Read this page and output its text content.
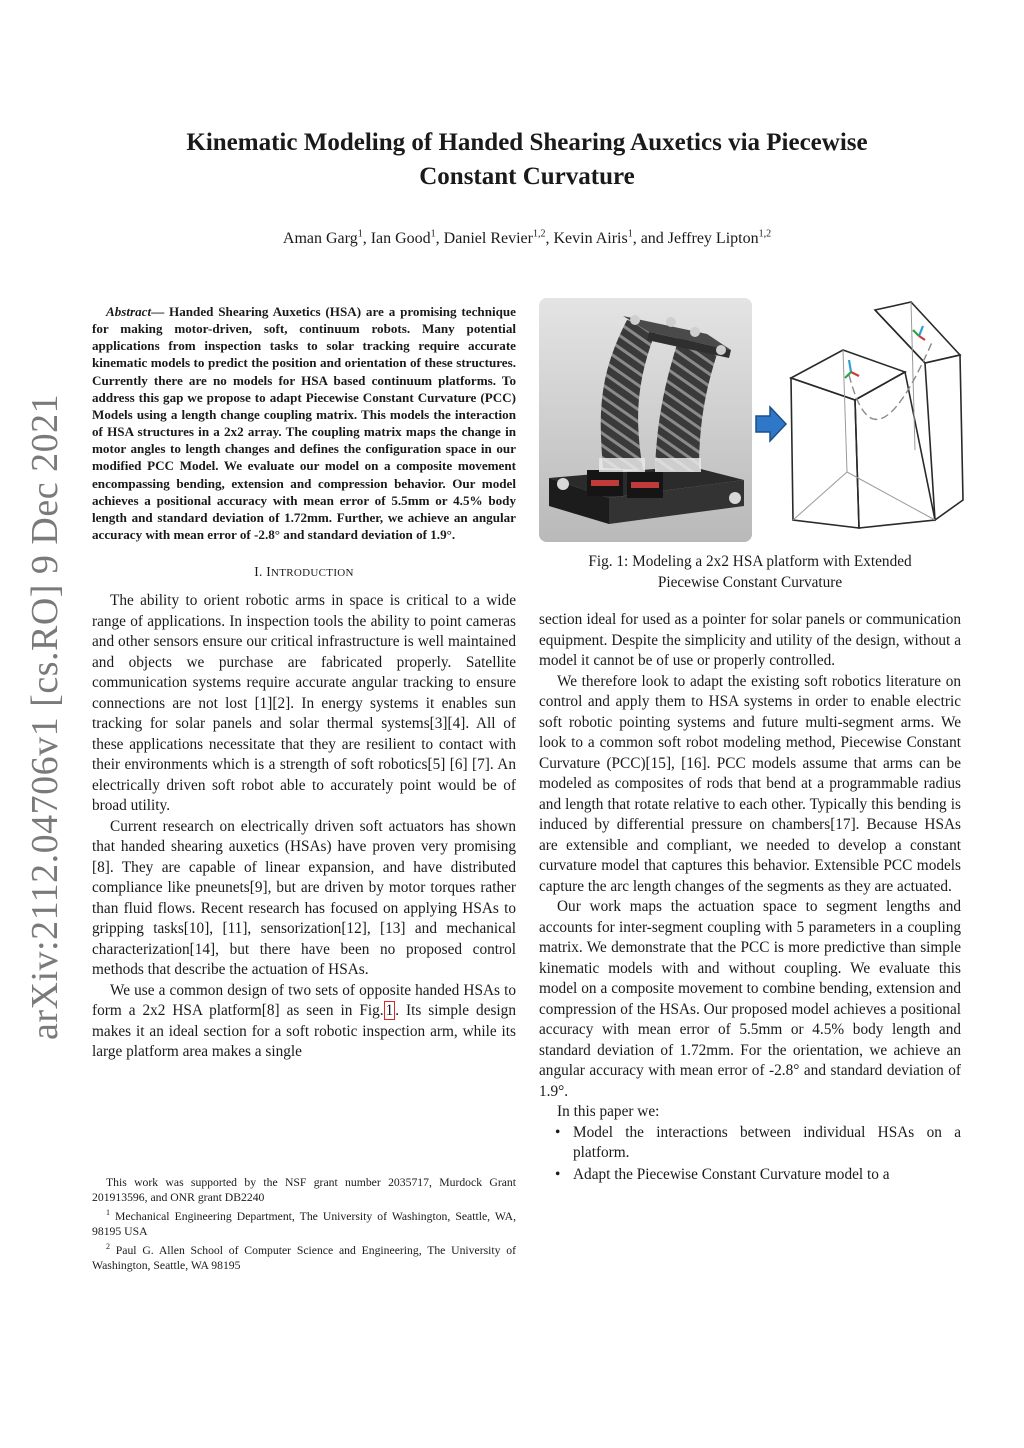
arXiv:2112.04706v1 [cs.RO] 9 Dec 2021
Kinematic Modeling of Handed Shearing Auxetics via Piecewise
Constant Curvature
Aman Garg$^1$, Ian Good$^1$, Daniel Revier$^{1,2}$, Kevin Airis$^1$, and Jeffrey Lipton$^{1,2}$

Abstract— Handed Shearing Auxetics (HSA) are a promising technique for making motor-driven, soft, continuum robots. Many potential applications from inspection tasks to solar tracking require accurate kinematic models to predict the position and orientation of these structures. Currently there are no models for HSA based continuum platforms. To address this gap we propose to adapt Piecewise Constant Curvature (PCC) Models using a length change coupling matrix. This models the interaction of HSA structures in a 2x2 array. The coupling matrix maps the change in motor angles to length changes and defines the configuration space in our modified PCC Model. We evaluate our model on a composite movement encompassing bending, extension and compression behavior. Our model achieves a positional accuracy with mean error of 5.5mm or 4.5% body length and standard deviation of 1.72mm. Further, we achieve an angular accuracy with mean error of -2.8° and standard deviation of 1.9°.

I. INTRODUCTION

The ability to orient robotic arms in space is critical to a wide range of applications. In inspection tools the ability to point cameras and other sensors ensure our critical infrastructure is well maintained and objects we purchase are fabricated properly. Satellite communication systems require accurate angular tracking to ensure connections are not lost [1][2]. In energy systems it enables sun tracking for solar panels and solar thermal systems[3][4]. All of these applications necessitate that they are resilient to contact with their environments which is a strength of soft robotics[5] [6] [7]. An electrically driven soft robot able to accurately point would be of broad utility.

Current research on electrically driven soft actuators has shown that handed shearing auxetics (HSAs) have proven very promising [8]. They are capable of linear expansion, and have distributed compliance like pneunets[9], but are driven by motor torques rather than fluid flows. Recent research has focused on applying HSAs to gripping tasks[10], [11], sensorization[12], [13] and mechanical characterization[14], but there have been no proposed control methods that describe the actuation of HSAs.

We use a common design of two sets of opposite handed HSAs to form a 2x2 HSA platform[8] as seen in Fig. 1 . Its simple design makes it an ideal section for a soft robotic inspection arm, while its large platform area makes a single

This work was supported by the NSF grant number 2035717, Murdock Grant 201913596, and ONR grant DB2240

$^1$ Mechanical Engineering Department, The University of Washington, Seattle, WA, 98195 USA

$^2$ Paul G. Allen School of Computer Science and Engineering, The University of Washington, Seattle, WA 98195

Fig. 1: Modeling a 2x2 HSA platform with Extended
Piecewise Constant Curvature

section ideal for used as a pointer for solar panels or communication equipment. Despite the simplicity and utility of the design, without a model it cannot be of use or properly controlled.

We therefore look to adapt the existing soft robotics literature on control and apply them to HSA systems in order to enable electric soft robotic pointing systems and future multi-segment arms. We look to a common soft robot modeling method, Piecewise Constant Curvature (PCC)[15], [16]. PCC models assume that arms can be modeled as composites of rods that bend at a programmable radius and length that rotate relative to each other. Typically this bending is induced by differential pressure on chambers[17]. Because HSAs are extensible and compliant, we needed to develop a constant curvature model that captures this behavior. Extensible PCC models capture the arc length changes of the segments as they are actuated.

Our work maps the actuation space to segment lengths and accounts for inter-segment coupling with 5 parameters in a coupling matrix. We demonstrate that the PCC is more predictive than simple kinematic models with and without coupling. We evaluate this model on a composite movement to combine bending, extension and compression of the HSAs. Our proposed model achieves a positional accuracy with mean error of 5.5mm or 4.5% body length and standard deviation of 1.72mm. For the orientation, we achieve an angular accuracy with mean error of -2.8° and standard deviation of 1.9°.

In this paper we:

• Model the interactions between individual HSAs on a platform.
• Adapt the Piecewise Constant Curvature model to a
